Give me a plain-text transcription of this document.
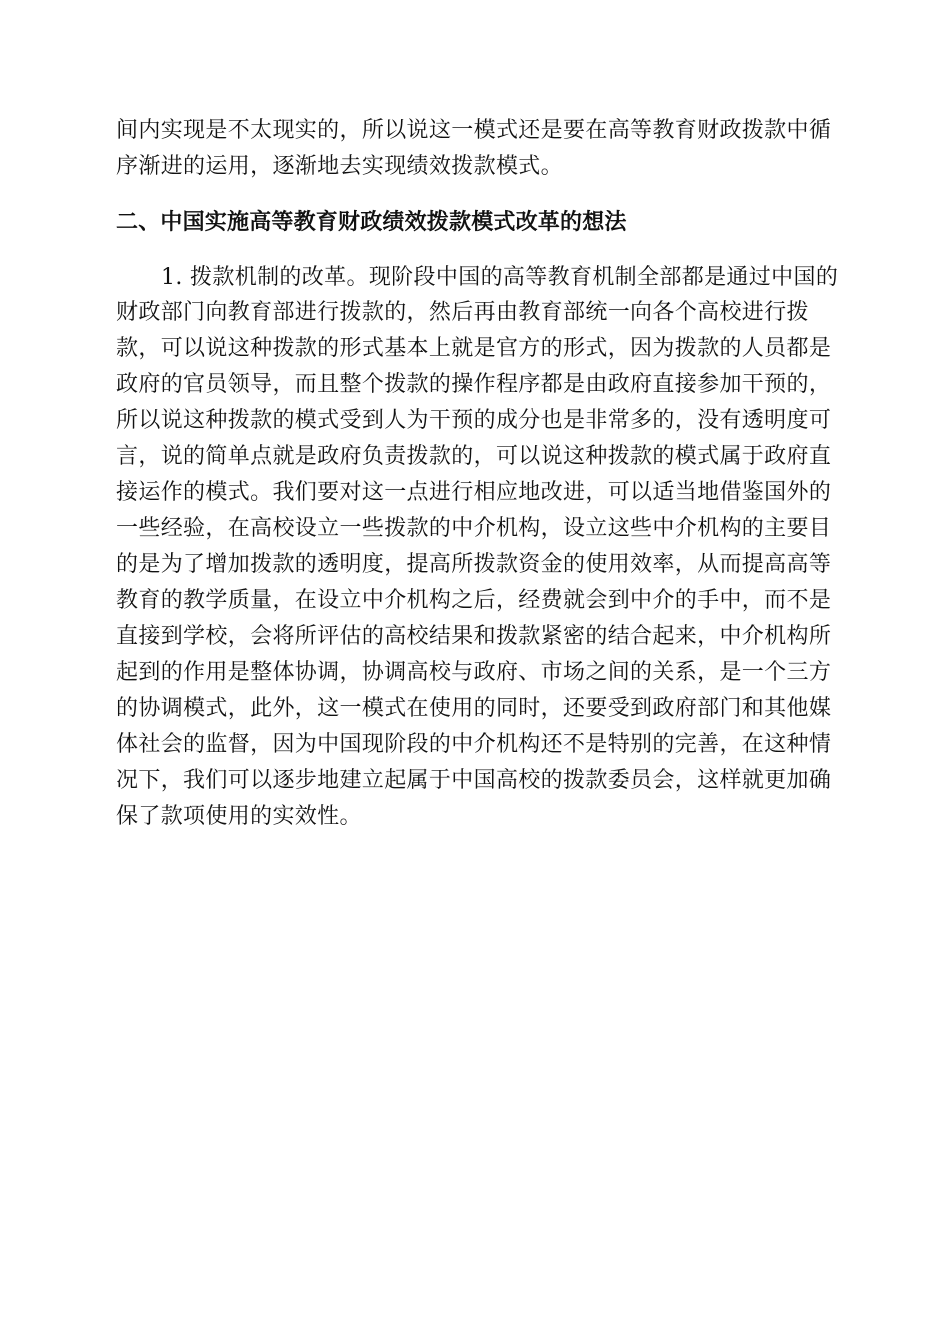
间内实现是不太现实的，所以说这一模式还是要在高等教育财政拨款中循

序渐进的运用，逐渐地去实现绩效拨款模式。

二、中国实施高等教育财政绩效拨款模式改革的想法

1. 拨款机制的改革。现阶段中国的高等教育机制全部都是通过中国的

财政部门向教育部进行拨款的，然后再由教育部统一向各个高校进行拨

款，可以说这种拨款的形式基本上就是官方的形式，因为拨款的人员都是

政府的官员领导，而且整个拨款的操作程序都是由政府直接参加干预的，

所以说这种拨款的模式受到人为干预的成分也是非常多的，没有透明度可

言，说的简单点就是政府负责拨款的，可以说这种拨款的模式属于政府直

接运作的模式。我们要对这一点进行相应地改进，可以适当地借鉴国外的

一些经验，在高校设立一些拨款的中介机构，设立这些中介机构的主要目

的是为了增加拨款的透明度，提高所拨款资金的使用效率，从而提高高等

教育的教学质量，在设立中介机构之后，经费就会到中介的手中，而不是

直接到学校，会将所评估的高校结果和拨款紧密的结合起来，中介机构所

起到的作用是整体协调，协调高校与政府、市场之间的关系，是一个三方

的协调模式，此外，这一模式在使用的同时，还要受到政府部门和其他媒

体社会的监督，因为中国现阶段的中介机构还不是特别的完善，在这种情

况下，我们可以逐步地建立起属于中国高校的拨款委员会，这样就更加确

保了款项使用的实效性。
